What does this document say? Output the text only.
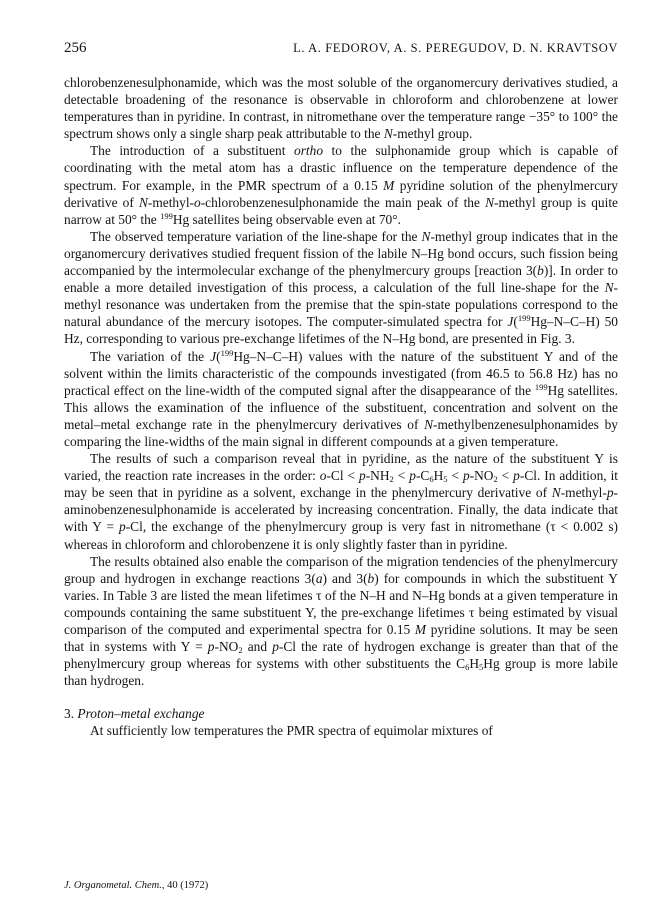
256	L. A. FEDOROV, A. S. PEREGUDOV, D. N. KRAVTSOV

chlorobenzenesulphonamide, which was the most soluble of the organomercury derivatives studied, a detectable broadening of the resonance is observable in chloroform and chlorobenzene at lower temperatures than in pyridine. In contrast, in nitromethane over the temperature range −35° to 100° the spectrum shows only a single sharp peak attributable to the N-methyl group.

The introduction of a substituent ortho to the sulphonamide group which is capable of coordinating with the metal atom has a drastic influence on the temperature dependence of the spectrum. For example, in the PMR spectrum of a 0.15 M pyridine solution of the phenylmercury derivative of N-methyl-o-chlorobenzenesulphonamide the main peak of the N-methyl group is quite narrow at 50° the $^{199}$Hg satellites being observable even at 70°.

The observed temperature variation of the line-shape for the N-methyl group indicates that in the organomercury derivatives studied frequent fission of the labile N–Hg bond occurs, such fission being accompanied by the intermolecular exchange of the phenylmercury groups [reaction 3(b)]. In order to enable a more detailed investigation of this process, a calculation of the full line-shape for the N-methyl resonance was undertaken from the premise that the spin-state populations correspond to the natural abundance of the mercury isotopes. The computer-simulated spectra for J($^{199}$Hg–N–C–H) 50 Hz, corresponding to various pre-exchange lifetimes of the N–Hg bond, are presented in Fig. 3.

The variation of the J($^{199}$Hg–N–C–H) values with the nature of the substituent Y and of the solvent within the limits characteristic of the compounds investigated (from 46.5 to 56.8 Hz) has no practical effect on the line-width of the computed signal after the disappearance of the $^{199}$Hg satellites. This allows the examination of the influence of the substituent, concentration and solvent on the metal–metal exchange rate in the phenylmercury derivatives of N-methylbenzenesulphonamides by comparing the line-widths of the main signal in different compounds at a given temperature.

The results of such a comparison reveal that in pyridine, as the nature of the substituent Y is varied, the reaction rate increases in the order: $o-Cl < p-NH_2 < p-C_6H_5 < p-NO_2 < p-Cl$. In addition, it may be seen that in pyridine as a solvent, exchange in the phenylmercury derivative of N-methyl-p-aminobenzenesulphonamide is accelerated by increasing concentration. Finally, the data indicate that with Y = p-Cl, the exchange of the phenylmercury group is very fast in nitromethane (τ < 0.002 s) whereas in chloroform and chlorobenzene it is only slightly faster than in pyridine.

The results obtained also enable the comparison of the migration tendencies of the phenylmercury group and hydrogen in exchange reactions 3(a) and 3(b) for compounds in which the substituent Y varies. In Table 3 are listed the mean lifetimes τ of the N–H and N–Hg bonds at a given temperature in compounds containing the same substituent Y, the pre-exchange lifetimes τ being estimated by visual comparison of the computed and experimental spectra for 0.15 M pyridine solutions. It may be seen that in systems with $Y = p-NO_2$ and p-Cl the rate of hydrogen exchange is greater than that of the phenylmercury group whereas for systems with other substituents the $C_6H_5Hg$ group is more labile than hydrogen.

3. Proton–metal exchange

At sufficiently low temperatures the PMR spectra of equimolar mixtures of

J. Organometal. Chem., 40 (1972)
